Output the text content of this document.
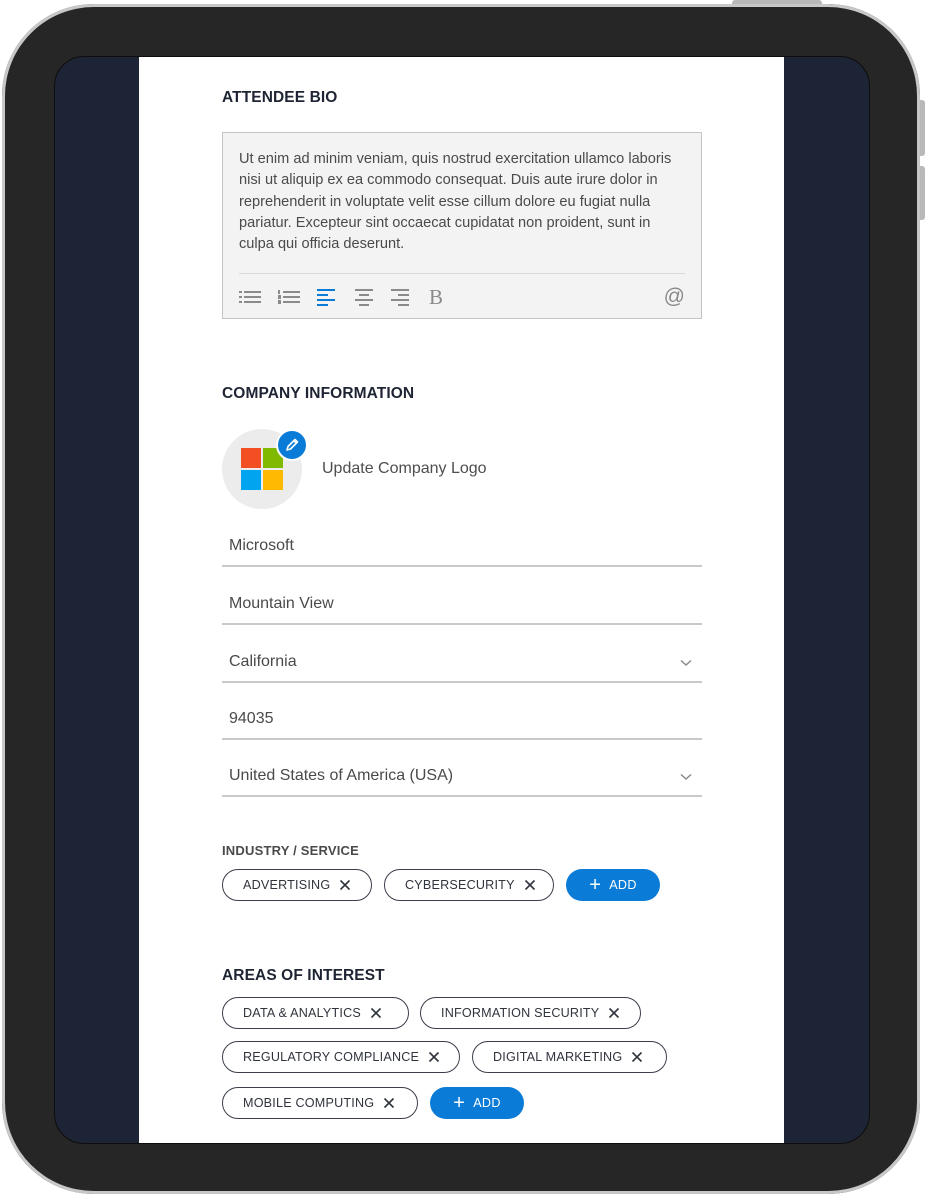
ATTENDEE BIO
Ut enim ad minim veniam, quis nostrud exercitation ullamco laboris nisi ut aliquip ex ea commodo consequat. Duis aute irure dolor in reprehenderit in voluptate velit esse cillum dolore eu fugiat nulla pariatur. Excepteur sint occaecat cupidatat non proident, sunt in culpa qui officia deserunt.
B	@
COMPANY INFORMATION
Update Company Logo
Microsoft
Mountain View
California
94035
United States of America (USA)
INDUSTRY / SERVICE
ADVERTISING	CYBERSECURITY	+ ADD
AREAS OF INTEREST
DATA & ANALYTICS	INFORMATION SECURITY
REGULATORY COMPLIANCE	DIGITAL MARKETING
MOBILE COMPUTING	+ ADD
